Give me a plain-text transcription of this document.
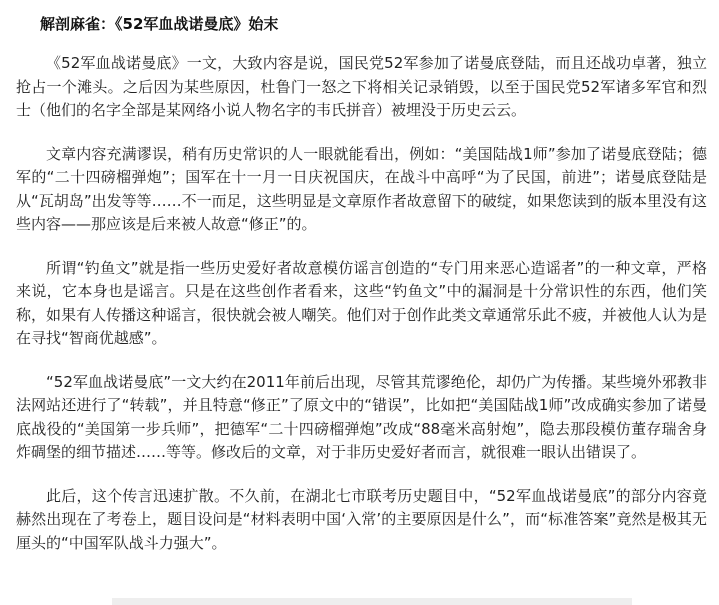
解剖麻雀：《52军血战诺曼底》始末

《52军血战诺曼底》一文，大致内容是说，国民党52军参加了诺曼底登陆，而且还战功卓著，独立抢占一个滩头。之后因为某些原因，杜鲁门一怒之下将相关记录销毁，以至于国民党52军诸多军官和烈士（他们的名字全部是某网络小说人物名字的韦氏拼音）被埋没于历史云云。

文章内容充满谬误，稍有历史常识的人一眼就能看出，例如：“美国陆战1师”参加了诺曼底登陆；德军的“二十四磅榴弹炮”；国军在十一月一日庆祝国庆，在战斗中高呼“为了民国，前进”；诺曼底登陆是从“瓦胡岛”出发等等……不一而足，这些明显是文章原作者故意留下的破绽，如果您读到的版本里没有这些内容——那应该是后来被人故意“修正”的。

所谓“钓鱼文”就是指一些历史爱好者故意模仿谣言创造的“专门用来恶心造谣者”的一种文章，严格来说，它本身也是谣言。只是在这些创作者看来，这些“钓鱼文”中的漏洞是十分常识性的东西，他们笑称，如果有人传播这种谣言，很快就会被人嘲笑。他们对于创作此类文章通常乐此不疲，并被他人认为是在寻找“智商优越感”。

“52军血战诺曼底”一文大约在2011年前后出现，尽管其荒谬绝伦，却仍广为传播。某些境外邪教非法网站还进行了“转载”，并且特意“修正”了原文中的“错误”，比如把“美国陆战1师”改成确实参加了诺曼底战役的“美国第一步兵师”，把德军“二十四磅榴弹炮”改成“88毫米高射炮”，隐去那段模仿董存瑞舍身炸碉堡的细节描述……等等。修改后的文章，对于非历史爱好者而言，就很难一眼认出错误了。

此后，这个传言迅速扩散。不久前，在湖北七市联考历史题目中，“52军血战诺曼底”的部分内容竟赫然出现在了考卷上，题目设问是“材料表明中国‘入常’的主要原因是什么”，而“标准答案”竟然是极其无厘头的“中国军队战斗力强大”。
